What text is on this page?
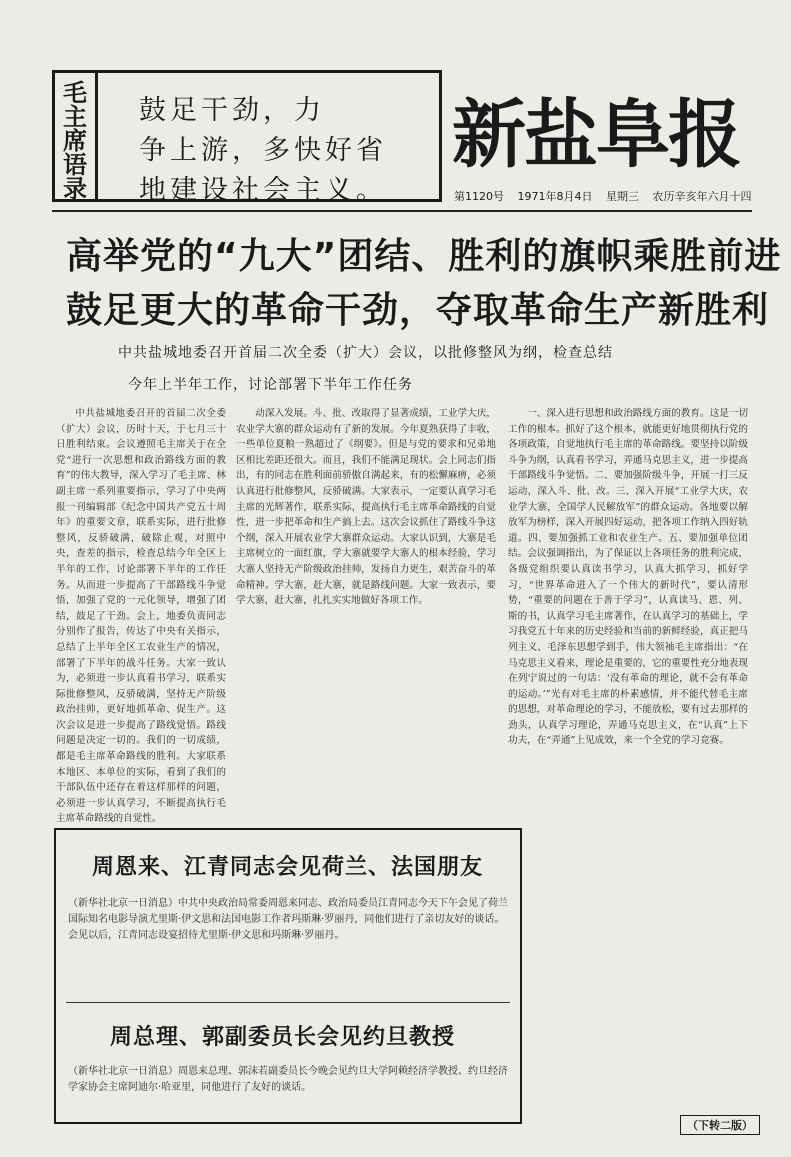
毛
主
席
语
录
鼓足干劲，力
争上游，多快好省
地建设社会主义。
新盐阜报
第1120号 1971年8月4日 星期三 农历辛亥年六月十四
高举党的“九大”团结、胜利的旗帜乘胜前进
鼓足更大的革命干劲，夺取革命生产新胜利
中共盐城地委召开首届二次全委（扩大）会议，以批修整风为纲，检查总结
今年上半年工作，讨论部署下半年工作任务

中共盐城地委召开的首届二次全委（扩大）会议，历时十天，于七月三十日胜利结束。会议遵照毛主席关于在全党“进行一次思想和政治路线方面的教育”的伟大教导，深入学习了毛主席、林副主席一系列重要指示，学习了中央两报一刊编辑部《纪念中国共产党五十周年》的重要文章，联系实际，进行批修整风，反骄破满，破除止观，对照中央，查差的指示，检查总结今年全区上半年的工作，讨论部署下半年的工作任务。从而进一步提高了干部路线斗争觉悟，加强了党的一元化领导，增强了团结，鼓足了干劲。会上，地委负责同志分别作了报告，传达了中央有关指示，总结了上半年全区工农业生产的情况，部署了下半年的战斗任务。大家一致认为，必须进一步认真看书学习，联系实际批修整风，反骄破满，坚持无产阶级政治挂帅，更好地抓革命、促生产。这次会议是进一步提高了路线觉悟。路线问题是决定一切的。我们的一切成绩，都是毛主席革命路线的胜利。大家联系本地区、本单位的实际，看到了我们的干部队伍中还存在着这样那样的问题，必须进一步认真学习，不断提高执行毛主席革命路线的自觉性。

动深入发展。斗、批、改取得了显著成绩，工业学大庆，农业学大寨的群众运动有了新的发展。今年夏熟获得了丰收，一些单位夏粮一熟超过了《纲要》。但是与党的要求和兄弟地区相比差距还很大。而且，我们不能满足现状。会上同志们指出，有的同志在胜利面前骄傲自满起来，有的松懈麻痹，必须认真进行批修整风，反骄破满。大家表示，一定要认真学习毛主席的光辉著作，联系实际，提高执行毛主席革命路线的自觉性，进一步把革命和生产搞上去。这次会议抓住了路线斗争这个纲，深入开展农业学大寨群众运动。大家认识到，大寨是毛主席树立的一面红旗，学大寨就要学大寨人的根本经验，学习大寨人坚持无产阶级政治挂帅，发扬自力更生，艰苦奋斗的革命精神。学大寨，赶大寨，就是路线问题。大家一致表示，要学大寨，赶大寨，扎扎实实地做好各项工作。

一、深入进行思想和政治路线方面的教育。这是一切工作的根本。抓好了这个根本，就能更好地贯彻执行党的各项政策，自觉地执行毛主席的革命路线。要坚持以阶级斗争为纲，认真看书学习，弄通马克思主义，进一步提高干部路线斗争觉悟。二、要加强阶级斗争，开展一打三反运动，深入斗、批、改。三、深入开展“工业学大庆，农业学大寨，全国学人民解放军”的群众运动。各地要以解放军为榜样，深入开展四好运动，把各项工作纳入四好轨道。四、要加强抓工业和农业生产。五、要加强单位团结。会议强调指出，为了保证以上各项任务的胜利完成，各级党组织要认真读书学习，认真大抓学习，抓好学习，“世界革命进入了一个伟大的新时代”，要认清形势，“重要的问题在于善于学习”，认真读马、恩、列、斯的书，认真学习毛主席著作，在认真学习的基础上，学习我党五十年来的历史经验和当前的新鲜经验，真正把马列主义、毛泽东思想学到手，伟大领袖毛主席指出：“在马克思主义看来，理论是重要的，它的重要性充分地表现在列宁说过的一句话：‘没有革命的理论，就不会有革命的运动。’”光有对毛主席的朴素感情，并不能代替毛主席的思想，对革命理论的学习，不能放松，要有过去那样的劲头，认真学习理论，弄通马克思主义，在“认真”上下功夫，在“弄通”上见成效，来一个全党的学习竞赛。

周恩来、江青同志会见荷兰、法国朋友
（新华社北京一日消息）中共中央政治局常委周恩来同志、政治局委员江青同志今天下午会见了荷兰国际知名电影导演尤里斯·伊文思和法国电影工作者玛斯琳·罗丽丹，同他们进行了亲切友好的谈话。会见以后，江青同志设宴招待尤里斯·伊文思和玛斯琳·罗丽丹。
周总理、郭副委员长会见约旦教授
（新华社北京一日消息）周恩来总理、郭沫若副委员长今晚会见约旦大学阿赖经济学教授、约旦经济学家协会主席阿迪尔·哈亚里，同他进行了友好的谈话。
（下转二版）
